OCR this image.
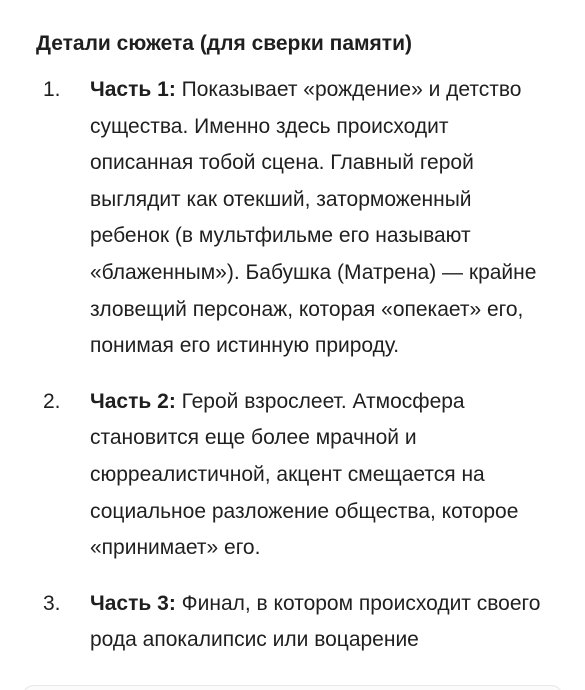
Детали сюжета (для сверки памяти)
1. Часть 1: Показывает «рождение» и детство существа. Именно здесь происходит описанная тобой сцена. Главный герой выглядит как отекший, заторможенный ребенок (в мультфильме его называют «блаженным»). Бабушка (Матрена) — крайне зловещий персонаж, которая «опекает» его, понимая его истинную природу.
2. Часть 2: Герой взрослеет. Атмосфера становится еще более мрачной и сюрреалистичной, акцент смещается на социальное разложение общества, которое «принимает» его.
3. Часть 3: Финал, в котором происходит своего рода апокалипсис или воцарение
